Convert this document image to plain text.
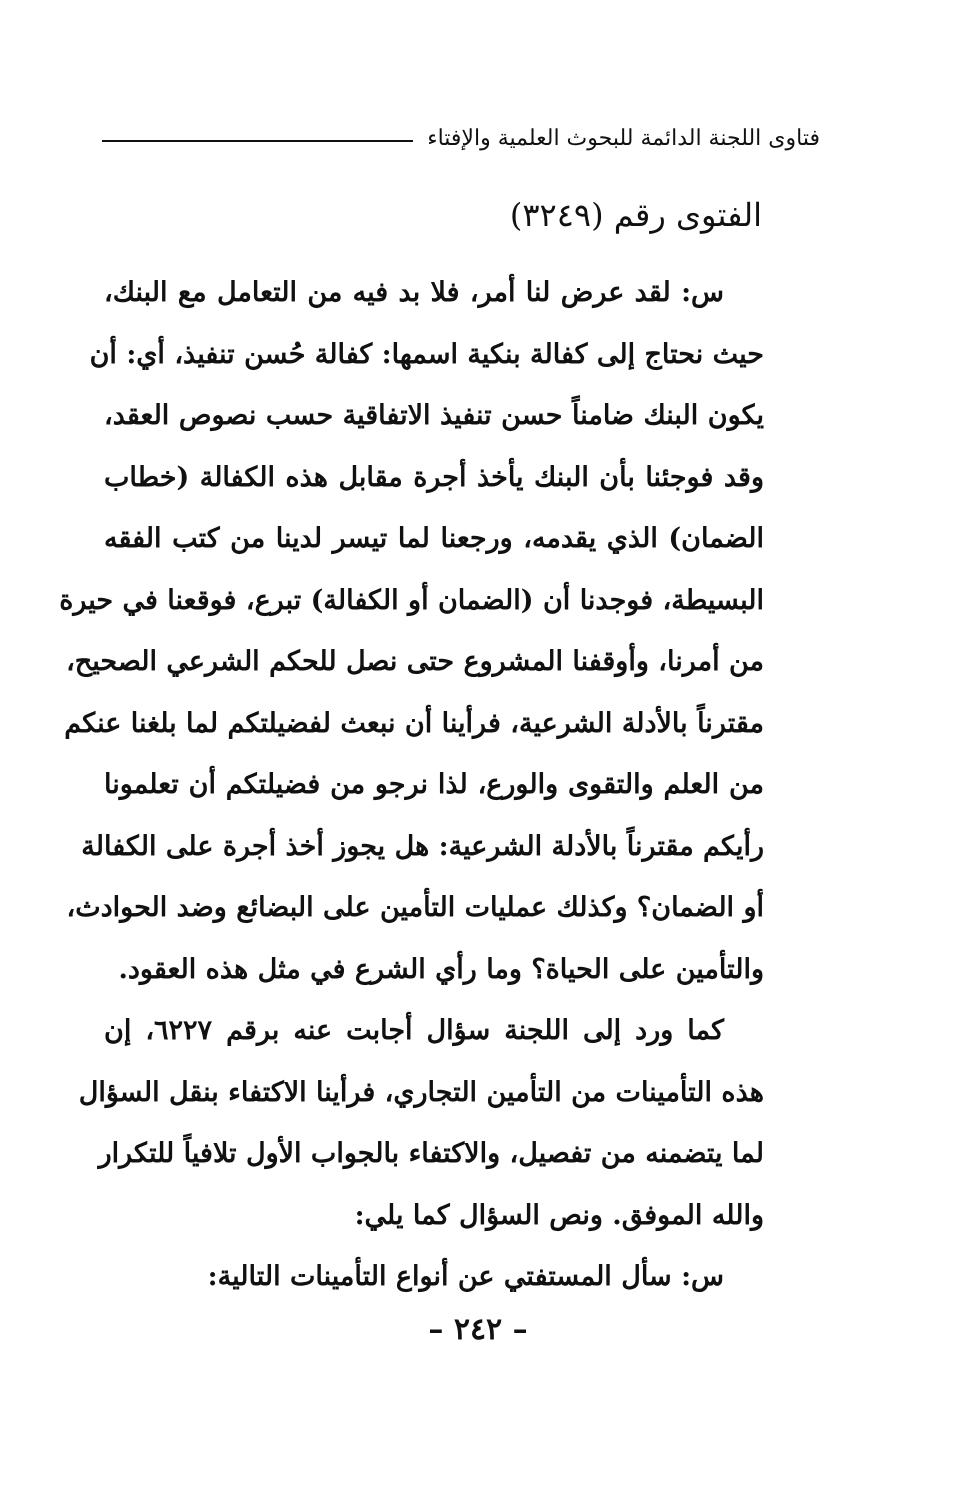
فتاوى اللجنة الدائمة للبحوث العلمية والإفتاء
الفتوى رقم (٣٢٤٩)
س: لقد عرض لنا أمر، فلا بد فيه من التعامل مع البنك،
حيث نحتاج إلى كفالة بنكية اسمها: كفالة حُسن تنفيذ، أي: أن
يكون البنك ضامناً حسن تنفيذ الاتفاقية حسب نصوص العقد،
وقد فوجئنا بأن البنك يأخذ أجرة مقابل هذه الكفالة (خطاب
الضمان) الذي يقدمه، ورجعنا لما تيسر لدينا من كتب الفقه
البسيطة، فوجدنا أن (الضمان أو الكفالة) تبرع، فوقعنا في حيرة
من أمرنا، وأوقفنا المشروع حتى نصل للحكم الشرعي الصحيح،
مقترناً بالأدلة الشرعية، فرأينا أن نبعث لفضيلتكم لما بلغنا عنكم
من العلم والتقوى والورع، لذا نرجو من فضيلتكم أن تعلمونا
رأيكم مقترناً بالأدلة الشرعية: هل يجوز أخذ أجرة على الكفالة
أو الضمان؟ وكذلك عمليات التأمين على البضائع وضد الحوادث،
والتأمين على الحياة؟ وما رأي الشرع في مثل هذه العقود.
كما ورد إلى اللجنة سؤال أجابت عنه برقم ٦٢٢٧، إن
هذه التأمينات من التأمين التجاري، فرأينا الاكتفاء بنقل السؤال
لما يتضمنه من تفصيل، والاكتفاء بالجواب الأول تلافياً للتكرار
والله الموفق. ونص السؤال كما يلي:
س: سأل المستفتي عن أنواع التأمينات التالية:
– ٢٤٢ –
